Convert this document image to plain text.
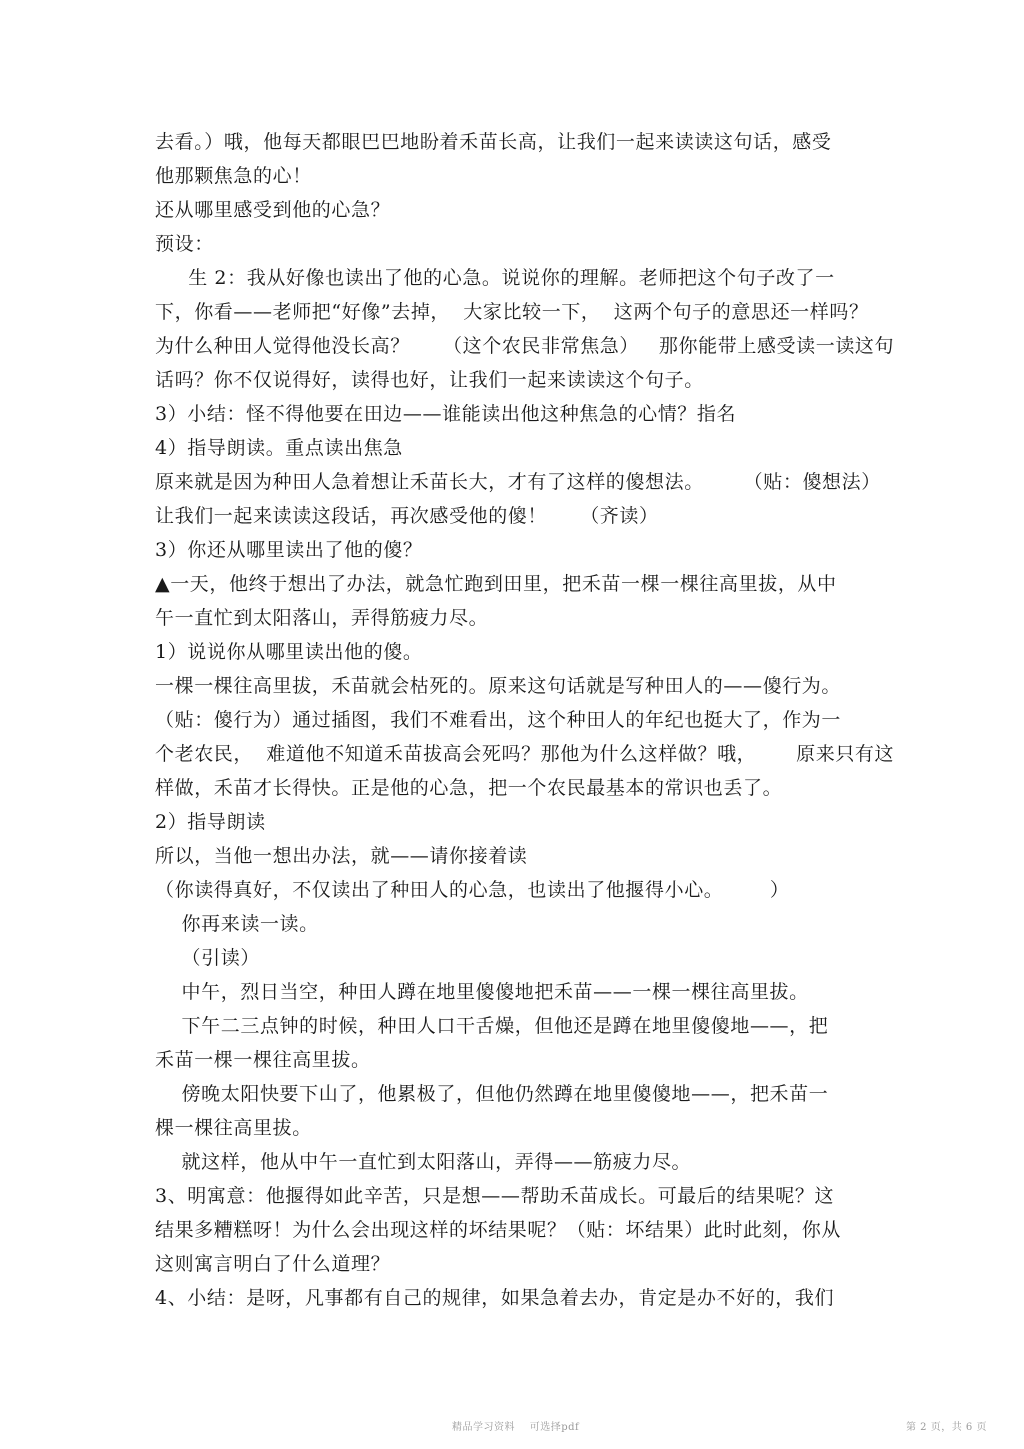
去看。）哦，他每天都眼巴巴地盼着禾苗长高，让我们一起来读读这句话，感受
他那颗焦急的心！
还从哪里感受到他的心急？
预设：
生 2：我从好像也读出了他的心急。说说你的理解。老师把这个句子改了一
下，你看——老师把“好像”去掉，  大家比较一下，  这两个句子的意思还一样吗？
为什么种田人觉得他没长高？     （这个农民非常焦急）   那你能带上感受读一读这句
话吗？你不仅说得好，读得也好，让我们一起来读读这个句子。
3）小结：怪不得他要在田边——谁能读出他这种焦急的心情？指名
4）指导朗读。重点读出焦急
原来就是因为种田人急着想让禾苗长大，才有了这样的傻想法。      （贴：傻想法）
让我们一起来读读这段话，再次感受他的傻！     （齐读）
3）你还从哪里读出了他的傻？
▲一天，他终于想出了办法，就急忙跑到田里，把禾苗一棵一棵往高里拔，从中
午一直忙到太阳落山，弄得筋疲力尽。
1）说说你从哪里读出他的傻。
一棵一棵往高里拔，禾苗就会枯死的。原来这句话就是写种田人的——傻行为。
（贴：傻行为）通过插图，我们不难看出，这个种田人的年纪也挺大了，作为一
个老农民，  难道他不知道禾苗拔高会死吗？那他为什么这样做？哦，      原来只有这
样做，禾苗才长得快。正是他的心急，把一个农民最基本的常识也丢了。
2）指导朗读
所以，当他一想出办法，就——请你接着读
（你读得真好，不仅读出了种田人的心急，也读出了他揠得小心。       ）
你再来读一读。
（引读）
中午，烈日当空，种田人蹲在地里傻傻地把禾苗——一棵一棵往高里拔。
下午二三点钟的时候，种田人口干舌燥，但他还是蹲在地里傻傻地——，把
禾苗一棵一棵往高里拔。
傍晚太阳快要下山了，他累极了，但他仍然蹲在地里傻傻地——，把禾苗一
棵一棵往高里拔。
就这样，他从中午一直忙到太阳落山，弄得——筋疲力尽。
3、明寓意：他揠得如此辛苦，只是想——帮助禾苗成长。可最后的结果呢？这
结果多糟糕呀！为什么会出现这样的坏结果呢？（贴：坏结果）此时此刻，你从
这则寓言明白了什么道理？
4、小结：是呀，凡事都有自己的规律，如果急着去办，肯定是办不好的，我们
精品学习资料    可选择pdf	第 2 页，共 6 页
